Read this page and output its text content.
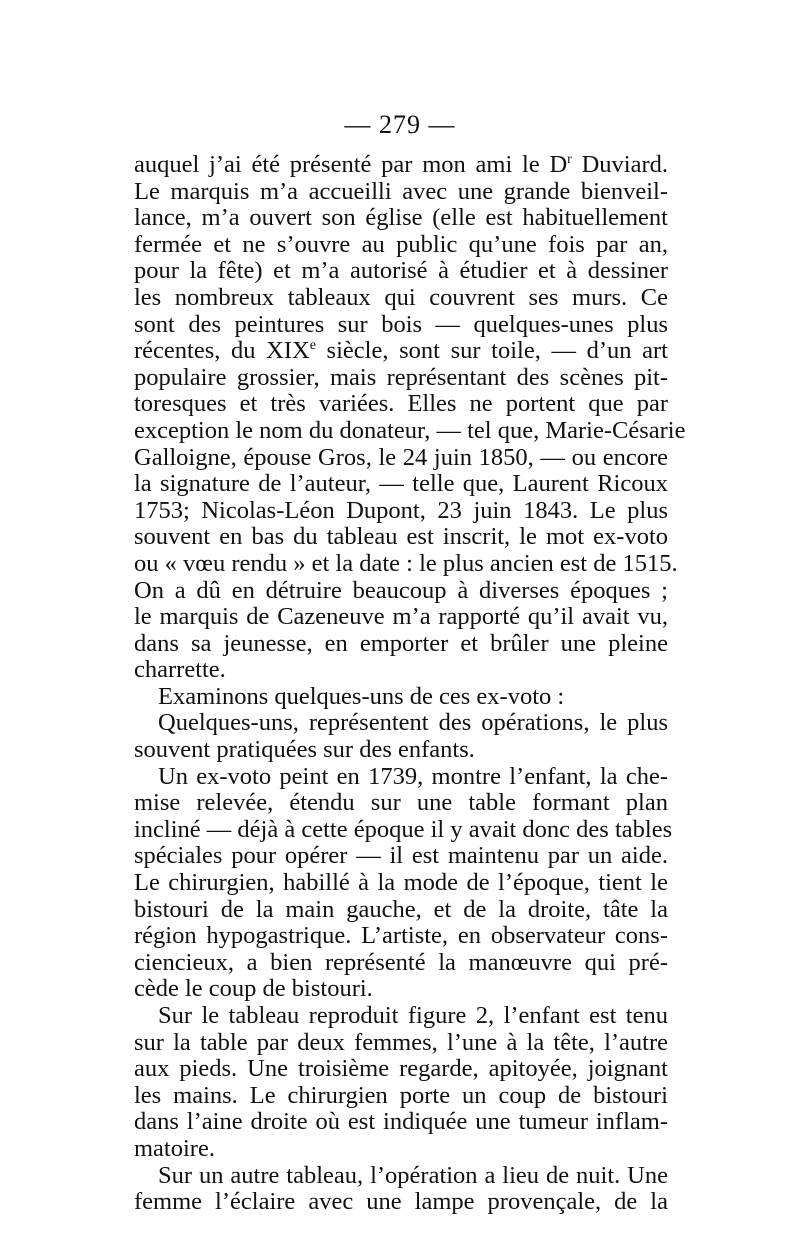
— 279 —
auquel j’ai été présenté par mon ami le $D^r$ Duviard.
Le marquis m’a accueilli avec une grande bienveil-
lance, m’a ouvert son église (elle est habituellement
fermée et ne s’ouvre au public qu’une fois par an,
pour la fête) et m’a autorisé à étudier et à dessiner
les nombreux tableaux qui couvrent ses murs. Ce
sont des peintures sur bois — quelques-unes plus
récentes, du XIXe siècle, sont sur toile, — d’un art
populaire grossier, mais représentant des scènes pit-
toresques et très variées. Elles ne portent que par
exception le nom du donateur, — tel que, Marie-Césarie
Galloigne, épouse Gros, le 24 juin 1850, — ou encore
la signature de l’auteur, — telle que, Laurent Ricoux
1753; Nicolas-Léon Dupont, 23 juin 1843. Le plus
souvent en bas du tableau est inscrit, le mot ex-voto
ou « vœu rendu » et la date : le plus ancien est de 1515.
On a dû en détruire beaucoup à diverses époques ;
le marquis de Cazeneuve m’a rapporté qu’il avait vu,
dans sa jeunesse, en emporter et brûler une pleine
charrette.
Examinons quelques-uns de ces ex-voto :
Quelques-uns, représentent des opérations, le plus
souvent pratiquées sur des enfants.
Un ex-voto peint en 1739, montre l’enfant, la che-
mise relevée, étendu sur une table formant plan
incliné — déjà à cette époque il y avait donc des tables
spéciales pour opérer — il est maintenu par un aide.
Le chirurgien, habillé à la mode de l’époque, tient le
bistouri de la main gauche, et de la droite, tâte la
région hypogastrique. L’artiste, en observateur cons-
ciencieux, a bien représenté la manœuvre qui pré-
cède le coup de bistouri.
Sur le tableau reproduit figure 2, l’enfant est tenu
sur la table par deux femmes, l’une à la tête, l’autre
aux pieds. Une troisième regarde, apitoyée, joignant
les mains. Le chirurgien porte un coup de bistouri
dans l’aine droite où est indiquée une tumeur inflam-
matoire.
Sur un autre tableau, l’opération a lieu de nuit. Une
femme l’éclaire avec une lampe provençale, de la
